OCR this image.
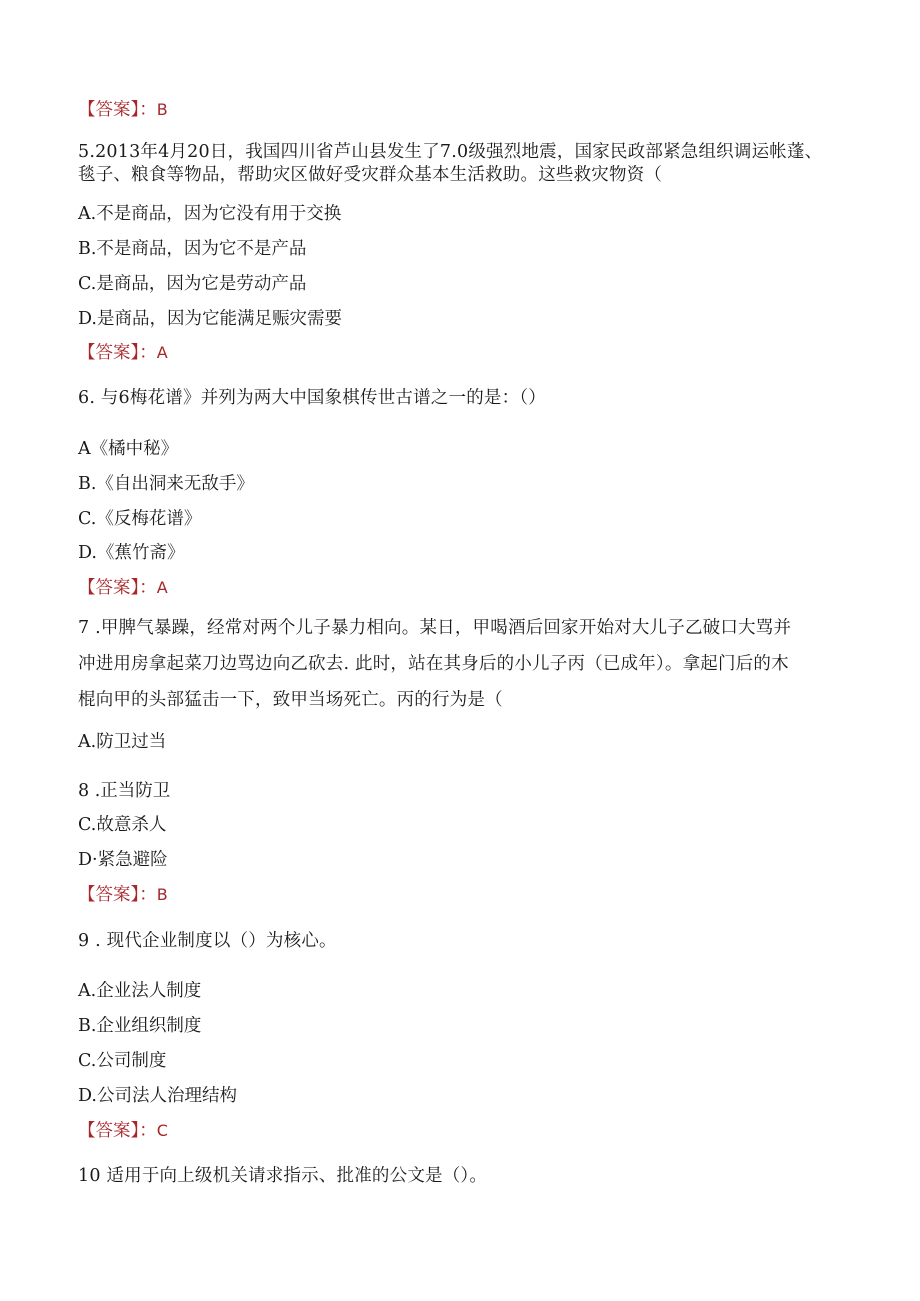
【答案】：B
5.2013年4月20日，我国四川省芦山县发生了7.0级强烈地震，国家民政部紧急组织调运帐蓬、
毯子、粮食等物品，帮助灾区做好受灾群众基本生活救助。这些救灾物资（
A.不是商品，因为它没有用于交换
B.不是商品，因为它不是产品
C.是商品，因为它是劳动产品
D.是商品，因为它能满足赈灾需要
【答案】：A
6. 与6梅花谱》并列为两大中国象棋传世古谱之一的是：（）
A《橘中秘》
B.《自出洞来无敌手》
C.《反梅花谱》
D.《蕉竹斋》
【答案】：A
7 .甲脾气暴躁，经常对两个儿子暴力相向。某日，甲喝酒后回家开始对大儿子乙破口大骂并
冲进用房拿起菜刀边骂边向乙砍去. 此时，站在其身后的小儿子丙（已成年）。拿起门后的木
棍向甲的头部猛击一下，致甲当场死亡。丙的行为是（
A.防卫过当
8 .正当防卫
C.故意杀人
D·紧急避险
【答案】：B
9 . 现代企业制度以（）为核心。
A.企业法人制度
B.企业组织制度
C.公司制度
D.公司法人治理结构
【答案】：C
10 适用于向上级机关请求指示、批准的公文是（）。
